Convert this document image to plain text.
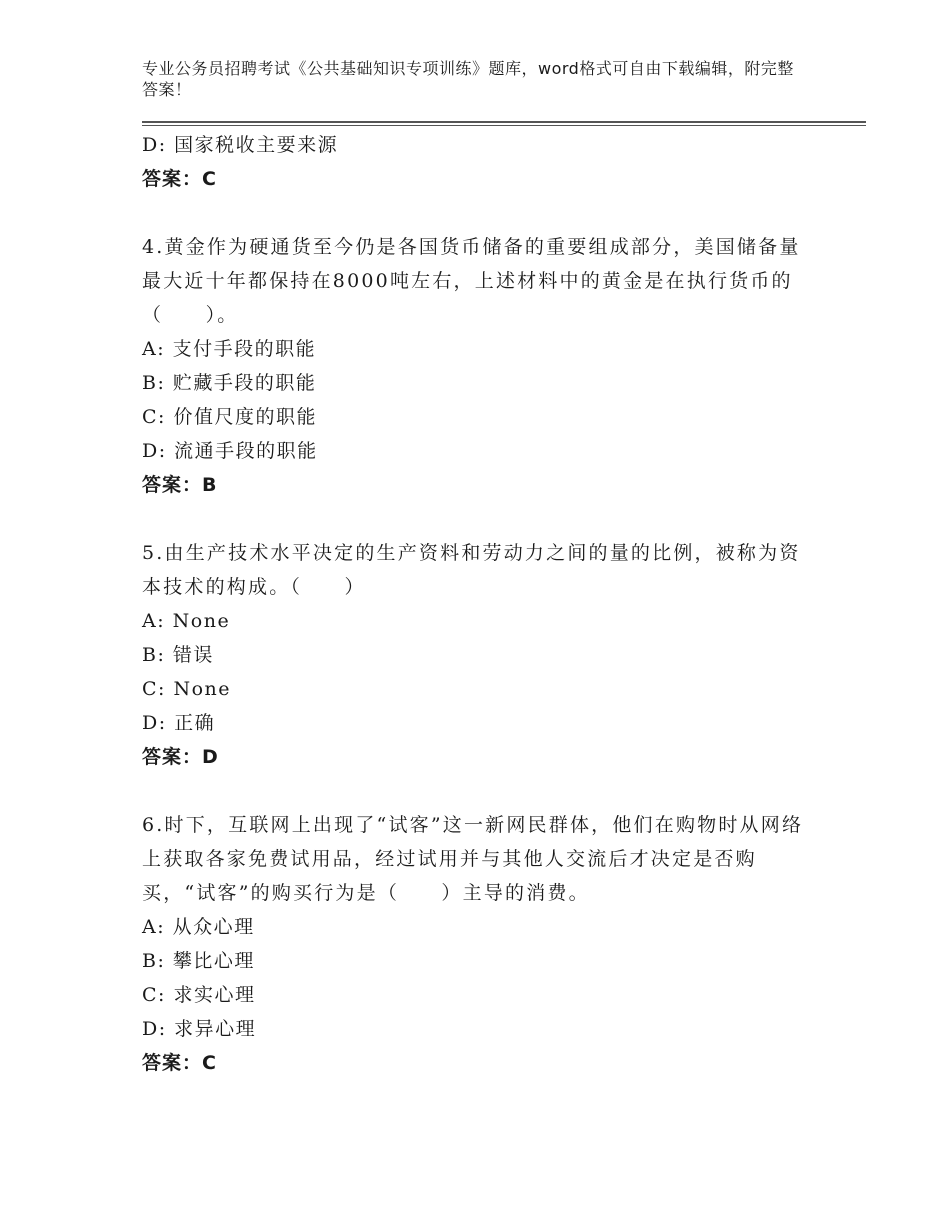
专业公务员招聘考试《公共基础知识专项训练》题库，word格式可自由下载编辑，附完整答案！
D: 国家税收主要来源
答案：C
4.黄金作为硬通货至今仍是各国货币储备的重要组成部分，美国储备量最大近十年都保持在8000吨左右，上述材料中的黄金是在执行货币的（　　）。
A: 支付手段的职能
B: 贮藏手段的职能
C: 价值尺度的职能
D: 流通手段的职能
答案：B
5.由生产技术水平决定的生产资料和劳动力之间的量的比例，被称为资本技术的构成。（　　）
A: None
B: 错误
C: None
D: 正确
答案：D
6.时下，互联网上出现了“试客”这一新网民群体，他们在购物时从网络上获取各家免费试用品，经过试用并与其他人交流后才决定是否购买，“试客”的购买行为是（　　）主导的消费。
A: 从众心理
B: 攀比心理
C: 求实心理
D: 求异心理
答案：C
